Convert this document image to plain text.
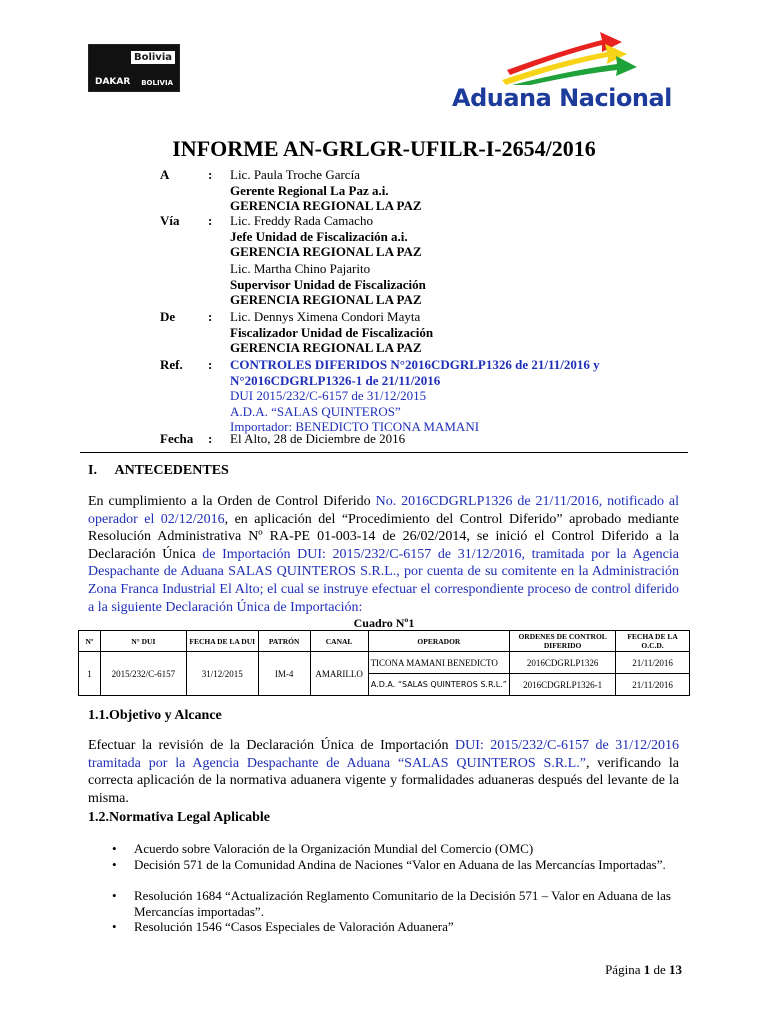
DAKAR
Bolivia
BOLIVIA
Aduana Nacional
INFORME AN-GRLGR-UFILR-I-2654/2016
A	: Lic. Paula Troche García
Gerente Regional La Paz a.i.
GERENCIA REGIONAL LA PAZ
Vía : Lic. Freddy Rada Camacho
Jefe Unidad de Fiscalización a.i.
GERENCIA REGIONAL LA PAZ
Lic. Martha Chino Pajarito
Supervisor Unidad de Fiscalización
GERENCIA REGIONAL LA PAZ
De	: Lic. Dennys Ximena Condori Mayta
Fiscalizador Unidad de Fiscalización
GERENCIA REGIONAL LA PAZ
Ref. : CONTROLES DIFERIDOS N°2016CDGRLP1326 de 21/11/2016 y
N°2016CDGRLP1326-1 de 21/11/2016
DUI 2015/232/C-6157 de 31/12/2015
A.D.A. “SALAS QUINTEROS”
Importador: BENEDICTO TICONA MAMANI
Fecha : El Alto, 28 de Diciembre de 2016
I. ANTECEDENTES
En cumplimiento a la Orden de Control Diferido No. 2016CDGRLP1326 de 21/11/2016, notificado al operador el 02/12/2016, en aplicación del “Procedimiento del Control Diferido” aprobado mediante Resolución Administrativa Nº RA-PE 01-003-14 de 26/02/2014, se inició el Control Diferido a la Declaración Única de Importación DUI: 2015/232/C-6157 de 31/12/2016, tramitada por la Agencia Despachante de Aduana SALAS QUINTEROS S.R.L., por cuenta de su comitente en la Administración Zona Franca Industrial El Alto; el cual se instruye efectuar el correspondiente proceso de control diferido a la siguiente Declaración Única de Importación:
Cuadro Nº1
Nº	N° DUI	FECHA DE LA DUI	PATRÓN	CANAL	OPERADOR	ORDENES DE CONTROL DIFERIDO	FECHA DE LA O.C.D.
1	2015/232/C-6157	31/12/2015	IM-4	AMARILLO	TICONA MAMANI BENEDICTO	2016CDGRLP1326	21/11/2016
					A.D.A. “SALAS QUINTEROS S.R.L.”	2016CDGRLP1326-1	21/11/2016
1.1.Objetivo y Alcance
Efectuar la revisión de la Declaración Única de Importación DUI: 2015/232/C-6157 de 31/12/2016 tramitada por la Agencia Despachante de Aduana “SALAS QUINTEROS S.R.L.”, verificando la correcta aplicación de la normativa aduanera vigente y formalidades aduaneras después del levante de la misma.
1.2.Normativa Legal Aplicable
• Acuerdo sobre Valoración de la Organización Mundial del Comercio (OMC)
• Decisión 571 de la Comunidad Andina de Naciones “Valor en Aduana de las Mercancías Importadas”.
• Resolución 1684 “Actualización Reglamento Comunitario de la Decisión 571 – Valor en Aduana de las Mercancías importadas”.
• Resolución 1546 “Casos Especiales de Valoración Aduanera”
Página 1 de 13
